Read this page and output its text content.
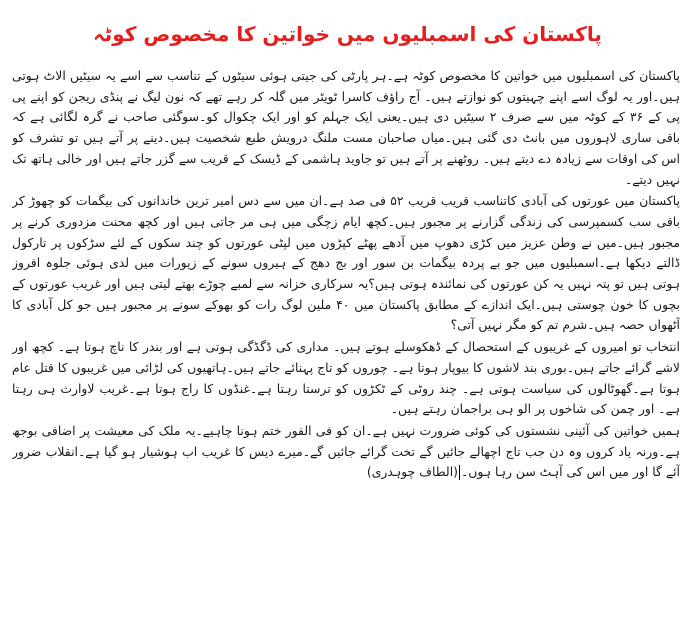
پاکستان کی اسمبلیوں میں خواتین کا مخصوص کوٹہ

پاکستان کی اسمبلیوں میں خواتین کا مخصوص کوٹہ ہے۔ہر پارٹی کی جیتی ہوئی سیٹوں کے تناسب سے اسے یہ سیٹیں الاٹ ہوتی ہیں۔اور یہ لوگ اسے اپنے چہیتوں کو نوازتے ہیں۔ آج راؤف کاسرا ٹویٹر میں گلہ کر رہے تھے کہ نون لیگ نے پنڈی ریجن کو اپنے پی پی کے ۳۶ کے کوٹہ میں سے صرف ۲ سیٹیں دی ہیں۔یعنی ایک جہلم کو اور ایک چکوال کو۔سوگئی صاحب نے گرہ لگائی ہے کہ باقی ساری لاہوروں میں بانٹ دی گئی ہیں۔میاں صاحبان مست ملنگ درویش طبع شخصیت ہیں۔دینے پر آتے ہیں تو تشرف کو اس کی اوقات سے زیادہ دے دیتے ہیں۔ روٹھنے پر آتے ہیں تو جاوید ہاشمی کے ڈیسک کے قریب سے گزر جاتے ہیں اور خالی ہاتھ تک نہیں دیتے۔

پاکستان میں عورتوں کی آبادی کاتناسب قریب قریب ۵۲ فی صد ہے۔ان میں سے دس امیر ترین خاندانوں کی بیگمات کو چھوڑ کر باقی سب کسمپرسی کی زندگی گزارنے پر مجبور ہیں۔کچھ ایام زچگی میں ہی مر جاتی ہیں اور کچھ محنت مزدوری کرنے پر مجبور ہیں۔میں نے وطن عزیز میں کڑی دھوپ میں آدھے پھٹے کپڑوں میں لپٹی عورتوں کو چند سکوں کے لئے سڑکوں پر تارکول ڈالتے دیکھا ہے۔اسمبلیوں میں جو بے پردہ بیگمات بن سور اور بج دھج کے ہیروں سونے کے زیورات میں لدی ہوئی جلوہ افروز ہوتی ہیں تو پتہ نہیں یہ کن عورتوں کی نمائندہ ہوتی ہیں؟یہ سرکاری خزانہ سے لمبے چوڑے بھتے لیتی ہیں اور غریب عورتوں کے بچوں کا خون چوستی ہیں۔ایک اندازے کے مطابق پاکستان میں ۴۰ ملین لوگ رات کو بھوکے سونے پر مجبور ہیں جو کل آبادی کا آٹھواں حصہ ہیں۔شرم تم کو مگر نہیں آتی؟

انتخاب تو امیروں کے غریبوں کے استحصال کے ڈھکوسلے ہوتے ہیں۔ مداری کی ڈگڈگی ہوتی ہے اور بندر کا ناچ ہوتا ہے۔ کچھ اور لاشے گرائے جاتے ہیں۔بوری بند لاشوں کا بیوپار ہوتا ہے۔ چوروں کو تاج پہنائے جاتے ہیں۔ہاتھیوں کی لڑائی میں غریبوں کا قتل عام ہوتا ہے۔گھوٹالوں کی سیاست ہوتی ہے۔ چند روٹی کے ٹکڑوں کو ترستا رہتا ہے۔غنڈوں کا راج ہوتا ہے۔غریب لاوارث ہی رہتا ہے۔ اور چمن کی شاخوں پر الو ہی براجمان رہتے ہیں۔

ہمیں خواتین کی آئینی نشستوں کی کوئی ضرورت نہیں ہے۔ان کو فی الفور ختم ہونا چاہیے۔یہ ملک کی معیشت پر اضافی بوجھ ہے۔ورنہ یاد کروں وہ دن جب تاج اچھالے جائیں گے تخت گرائے جائیں گے۔میرے دیس کا غریب اب ہوشیار ہو گیا ہے۔انقلاب ضرور آئے گا اور میں اس کی آہٹ سن رہا ہوں۔(الطاف چوہدری)
